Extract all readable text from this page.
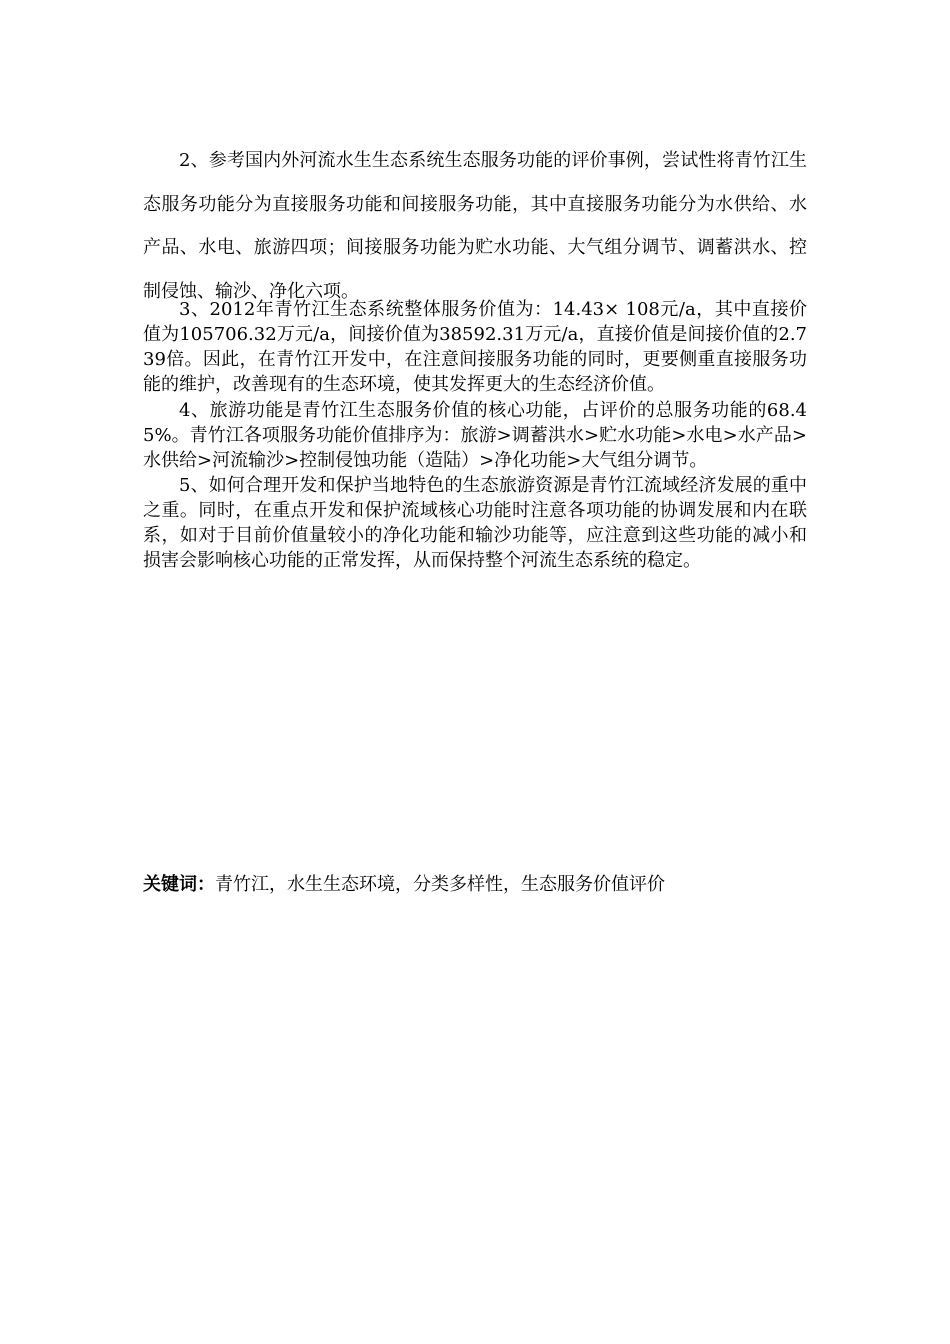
2、参考国内外河流水生生态系统生态服务功能的评价事例，尝试性将青竹江生态服务功能分为直接服务功能和间接服务功能，其中直接服务功能分为水供给、水产品、水电、旅游四项；间接服务功能为贮水功能、大气组分调节、调蓄洪水、控制侵蚀、输沙、净化六项。

3、2012年青竹江生态系统整体服务价值为：14.43× 108元/a，其中直接价值为105706.32万元/a，间接价值为38592.31万元/a，直接价值是间接价值的2.739倍。因此，在青竹江开发中，在注意间接服务功能的同时，更要侧重直接服务功能的维护，改善现有的生态环境，使其发挥更大的生态经济价值。

4、旅游功能是青竹江生态服务价值的核心功能，占评价的总服务功能的68.45%。青竹江各项服务功能价值排序为：旅游>调蓄洪水>贮水功能>水电>水产品>水供给>河流输沙>控制侵蚀功能（造陆）>净化功能>大气组分调节。

5、如何合理开发和保护当地特色的生态旅游资源是青竹江流域经济发展的重中之重。同时，在重点开发和保护流域核心功能时注意各项功能的协调发展和内在联系，如对于目前价值量较小的净化功能和输沙功能等，应注意到这些功能的减小和损害会影响核心功能的正常发挥，从而保持整个河流生态系统的稳定。

关键词：青竹江，水生生态环境，分类多样性，生态服务价值评价
